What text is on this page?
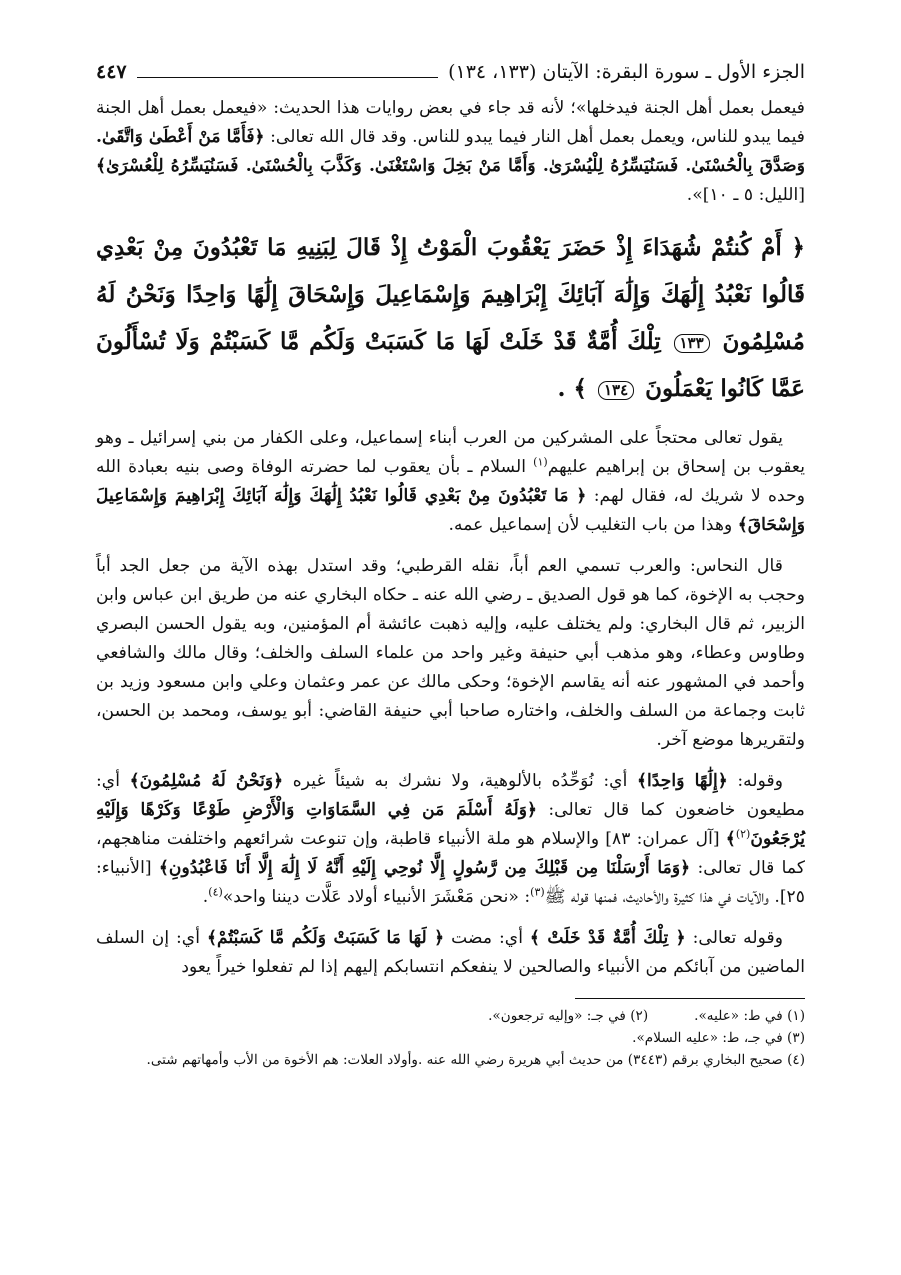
الجزء الأول ـ سورة البقرة: الآيتان (١٣٣، ١٣٤)
٤٤٧

فيعمل بعمل أهل الجنة فيدخلها»؛ لأنه قد جاء في بعض روايات هذا الحديث: «فيعمل بعمل أهل الجنة فيما يبدو للناس، ويعمل بعمل أهل النار فيما يبدو للناس. وقد قال الله تعالى: ﴿فَأَمَّا مَنْ أَعْطَىٰ وَاتَّقَىٰ. وَصَدَّقَ بِالْحُسْنَىٰ. فَسَنُيَسِّرُهُ لِلْيُسْرَىٰ. وَأَمَّا مَنْ بَخِلَ وَاسْتَغْنَىٰ. وَكَذَّبَ بِالْحُسْنَىٰ. فَسَنُيَسِّرُهُ لِلْعُسْرَىٰ﴾ [الليل: ٥ ـ ١٠]».

﴿ أَمْ كُنتُمْ شُهَدَاءَ إِذْ حَضَرَ يَعْقُوبَ الْمَوْتُ إِذْ قَالَ لِبَنِيهِ مَا تَعْبُدُونَ مِنْ بَعْدِي قَالُوا نَعْبُدُ إِلَٰهَكَ وَإِلَٰهَ آبَائِكَ إِبْرَاهِيمَ وَإِسْمَاعِيلَ وَإِسْحَاقَ إِلَٰهًا وَاحِدًا وَنَحْنُ لَهُ مُسْلِمُونَ ١٣٣ تِلْكَ أُمَّةٌ قَدْ خَلَتْ لَهَا مَا كَسَبَتْ وَلَكُم مَّا كَسَبْتُمْ وَلَا تُسْأَلُونَ عَمَّا كَانُوا يَعْمَلُونَ ١٣٤ ﴾ .

يقول تعالى محتجاً على المشركين من العرب أبناء إسماعيل، وعلى الكفار من بني إسرائيل ـ وهو يعقوب بن إسحاق بن إبراهيم عليهم$^{(١)}$ السلام ـ بأن يعقوب لما حضرته الوفاة وصى بنيه بعبادة الله وحده لا شريك له، فقال لهم: ﴿ مَا تَعْبُدُونَ مِنْ بَعْدِي قَالُوا نَعْبُدُ إِلَٰهَكَ وَإِلَٰهَ آبَائِكَ إِبْرَاهِيمَ وَإِسْمَاعِيلَ وَإِسْحَاقَ﴾ وهذا من باب التغليب لأن إسماعيل عمه.

قال النحاس: والعرب تسمي العم أباً، نقله القرطبي؛ وقد استدل بهذه الآية من جعل الجد أباً وحجب به الإخوة، كما هو قول الصديق ـ رضي الله عنه ـ حكاه البخاري عنه من طريق ابن عباس وابن الزبير، ثم قال البخاري: ولم يختلف عليه، وإليه ذهبت عائشة أم المؤمنين، وبه يقول الحسن البصري وطاوس وعطاء، وهو مذهب أبي حنيفة وغير واحد من علماء السلف والخلف؛ وقال مالك والشافعي وأحمد في المشهور عنه أنه يقاسم الإخوة؛ وحكى مالك عن عمر وعثمان وعلي وابن مسعود وزيد بن ثابت وجماعة من السلف والخلف، واختاره صاحبا أبي حنيفة القاضي: أبو يوسف، ومحمد بن الحسن، ولتقريرها موضع آخر.

وقوله: ﴿إِلَٰهًا وَاحِدًا﴾ أي: نُوَحِّدُه بالألوهية، ولا نشرك به شيئاً غيره ﴿وَنَحْنُ لَهُ مُسْلِمُونَ﴾ أي: مطيعون خاضعون كما قال تعالى: ﴿وَلَهُ أَسْلَمَ مَن فِي السَّمَاوَاتِ وَالْأَرْضِ طَوْعًا وَكَرْهًا وَإِلَيْهِ يُرْجَعُونَ$^{(٢)}$﴾ [آل عمران: ٨٣] والإسلام هو ملة الأنبياء قاطبة، وإن تنوعت شرائعهم واختلفت مناهجهم، كما قال تعالى: ﴿وَمَا أَرْسَلْنَا مِن قَبْلِكَ مِن رَّسُولٍ إِلَّا نُوحِي إِلَيْهِ أَنَّهُ لَا إِلَٰهَ إِلَّا أَنَا فَاعْبُدُونِ﴾ [الأنبياء: ٢٥]. والآيات في هذا كثيرة والأحاديث، فمنها قوله ﷺ$^{(٣)}$: «نحن مَعْشَرَ الأنبياء أولاد عَلَّات ديننا واحد»$^{(٤)}$.

وقوله تعالى: ﴿ تِلْكَ أُمَّةٌ قَدْ خَلَتْ ﴾ أي: مضت ﴿ لَهَا مَا كَسَبَتْ وَلَكُم مَّا كَسَبْتُمْ﴾ أي: إن السلف الماضين من آبائكم من الأنبياء والصالحين لا ينفعكم انتسابكم إليهم إذا لم تفعلوا خيراً يعود

(١) في ط: «عليه».
(٢) في جـ: «وإليه ترجعون».
(٣) في جـ، ط: «عليه السلام».
(٤) صحيح البخاري برقم (٣٤٤٣) من حديث أبي هريرة رضي الله عنه .وأولاد العلات: هم الأخوة من الأب وأمهاتهم شتى.
